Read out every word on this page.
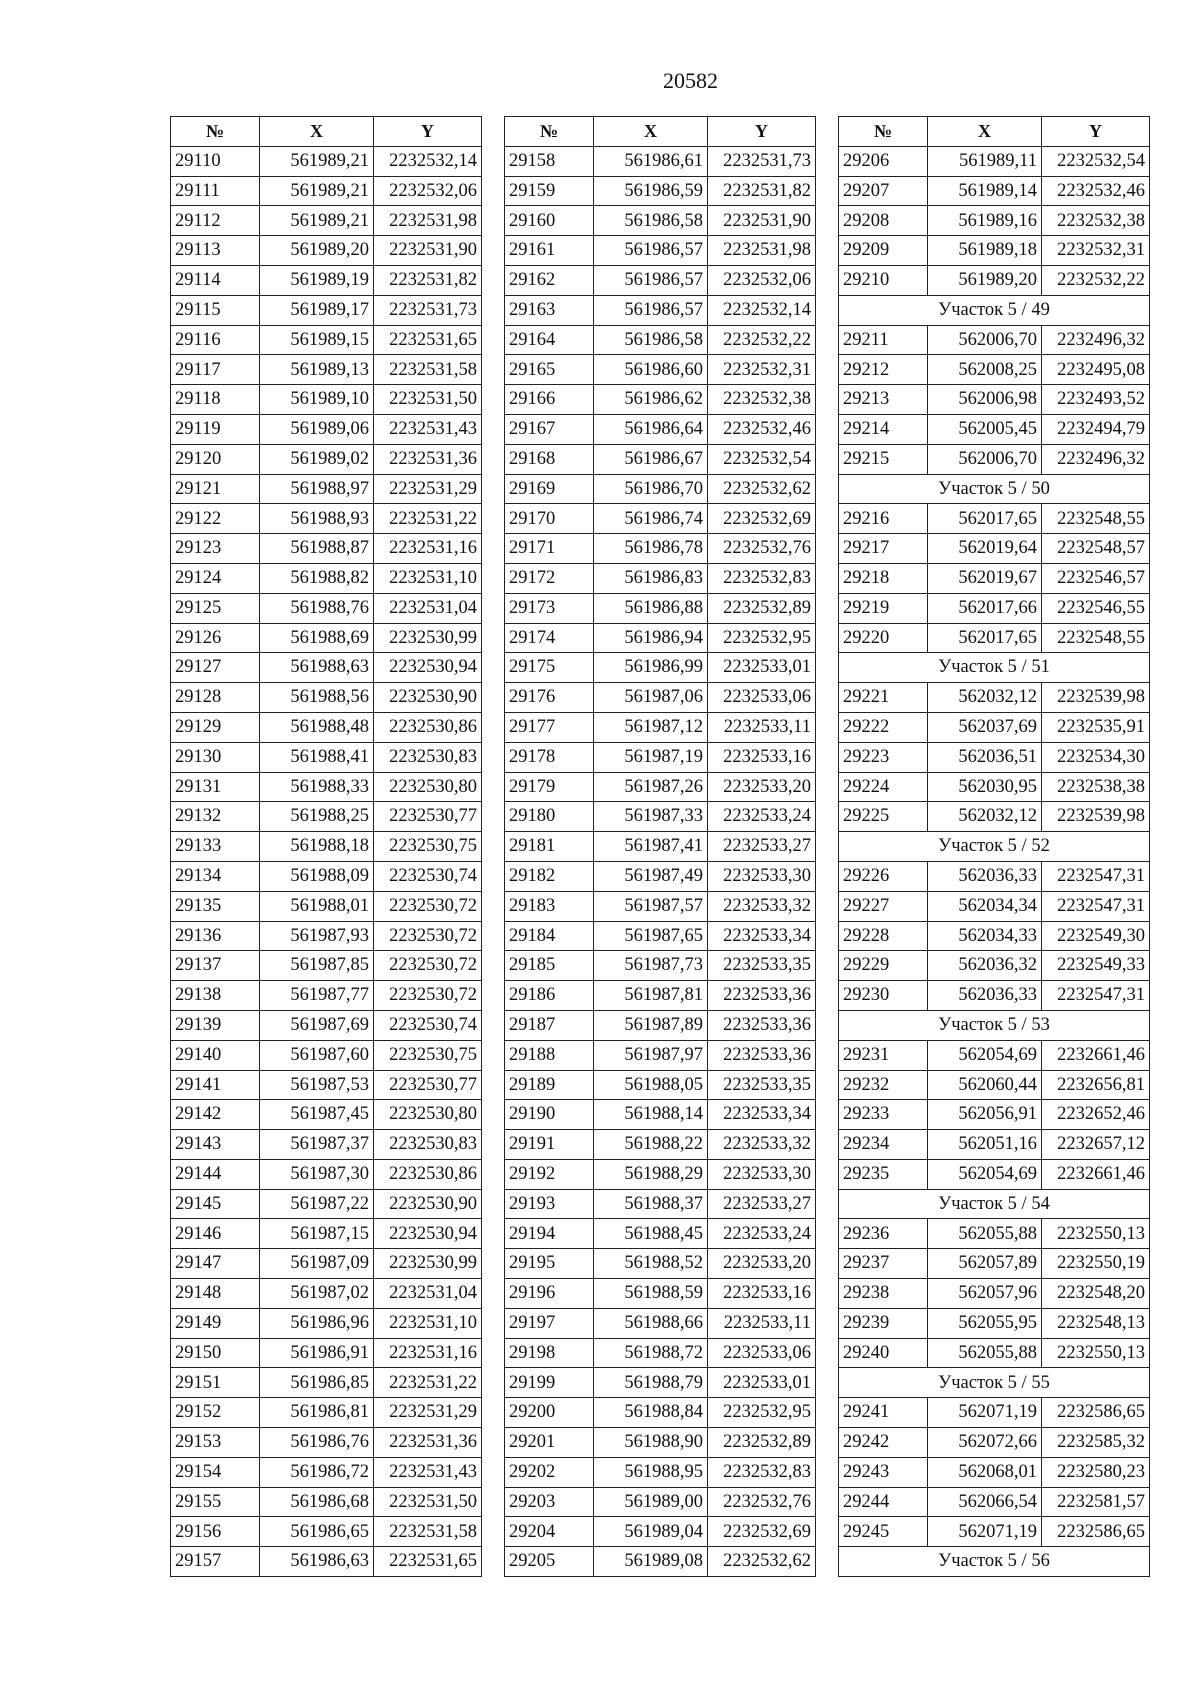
20582
№	X	Y
29110	561989,21	2232532,14
29111	561989,21	2232532,06
29112	561989,21	2232531,98
29113	561989,20	2232531,90
29114	561989,19	2232531,82
29115	561989,17	2232531,73
29116	561989,15	2232531,65
29117	561989,13	2232531,58
29118	561989,10	2232531,50
29119	561989,06	2232531,43
29120	561989,02	2232531,36
29121	561988,97	2232531,29
29122	561988,93	2232531,22
29123	561988,87	2232531,16
29124	561988,82	2232531,10
29125	561988,76	2232531,04
29126	561988,69	2232530,99
29127	561988,63	2232530,94
29128	561988,56	2232530,90
29129	561988,48	2232530,86
29130	561988,41	2232530,83
29131	561988,33	2232530,80
29132	561988,25	2232530,77
29133	561988,18	2232530,75
29134	561988,09	2232530,74
29135	561988,01	2232530,72
29136	561987,93	2232530,72
29137	561987,85	2232530,72
29138	561987,77	2232530,72
29139	561987,69	2232530,74
29140	561987,60	2232530,75
29141	561987,53	2232530,77
29142	561987,45	2232530,80
29143	561987,37	2232530,83
29144	561987,30	2232530,86
29145	561987,22	2232530,90
29146	561987,15	2232530,94
29147	561987,09	2232530,99
29148	561987,02	2232531,04
29149	561986,96	2232531,10
29150	561986,91	2232531,16
29151	561986,85	2232531,22
29152	561986,81	2232531,29
29153	561986,76	2232531,36
29154	561986,72	2232531,43
29155	561986,68	2232531,50
29156	561986,65	2232531,58
29157	561986,63	2232531,65
№	X	Y
29158	561986,61	2232531,73
29159	561986,59	2232531,82
29160	561986,58	2232531,90
29161	561986,57	2232531,98
29162	561986,57	2232532,06
29163	561986,57	2232532,14
29164	561986,58	2232532,22
29165	561986,60	2232532,31
29166	561986,62	2232532,38
29167	561986,64	2232532,46
29168	561986,67	2232532,54
29169	561986,70	2232532,62
29170	561986,74	2232532,69
29171	561986,78	2232532,76
29172	561986,83	2232532,83
29173	561986,88	2232532,89
29174	561986,94	2232532,95
29175	561986,99	2232533,01
29176	561987,06	2232533,06
29177	561987,12	2232533,11
29178	561987,19	2232533,16
29179	561987,26	2232533,20
29180	561987,33	2232533,24
29181	561987,41	2232533,27
29182	561987,49	2232533,30
29183	561987,57	2232533,32
29184	561987,65	2232533,34
29185	561987,73	2232533,35
29186	561987,81	2232533,36
29187	561987,89	2232533,36
29188	561987,97	2232533,36
29189	561988,05	2232533,35
29190	561988,14	2232533,34
29191	561988,22	2232533,32
29192	561988,29	2232533,30
29193	561988,37	2232533,27
29194	561988,45	2232533,24
29195	561988,52	2232533,20
29196	561988,59	2232533,16
29197	561988,66	2232533,11
29198	561988,72	2232533,06
29199	561988,79	2232533,01
29200	561988,84	2232532,95
29201	561988,90	2232532,89
29202	561988,95	2232532,83
29203	561989,00	2232532,76
29204	561989,04	2232532,69
29205	561989,08	2232532,62
№	X	Y
29206	561989,11	2232532,54
29207	561989,14	2232532,46
29208	561989,16	2232532,38
29209	561989,18	2232532,31
29210	561989,20	2232532,22
Участок 5 / 49		
29211	562006,70	2232496,32
29212	562008,25	2232495,08
29213	562006,98	2232493,52
29214	562005,45	2232494,79
29215	562006,70	2232496,32
Участок 5 / 50		
29216	562017,65	2232548,55
29217	562019,64	2232548,57
29218	562019,67	2232546,57
29219	562017,66	2232546,55
29220	562017,65	2232548,55
Участок 5 / 51		
29221	562032,12	2232539,98
29222	562037,69	2232535,91
29223	562036,51	2232534,30
29224	562030,95	2232538,38
29225	562032,12	2232539,98
Участок 5 / 52		
29226	562036,33	2232547,31
29227	562034,34	2232547,31
29228	562034,33	2232549,30
29229	562036,32	2232549,33
29230	562036,33	2232547,31
Участок 5 / 53		
29231	562054,69	2232661,46
29232	562060,44	2232656,81
29233	562056,91	2232652,46
29234	562051,16	2232657,12
29235	562054,69	2232661,46
Участок 5 / 54		
29236	562055,88	2232550,13
29237	562057,89	2232550,19
29238	562057,96	2232548,20
29239	562055,95	2232548,13
29240	562055,88	2232550,13
Участок 5 / 55		
29241	562071,19	2232586,65
29242	562072,66	2232585,32
29243	562068,01	2232580,23
29244	562066,54	2232581,57
29245	562071,19	2232586,65
Участок 5 / 56		
